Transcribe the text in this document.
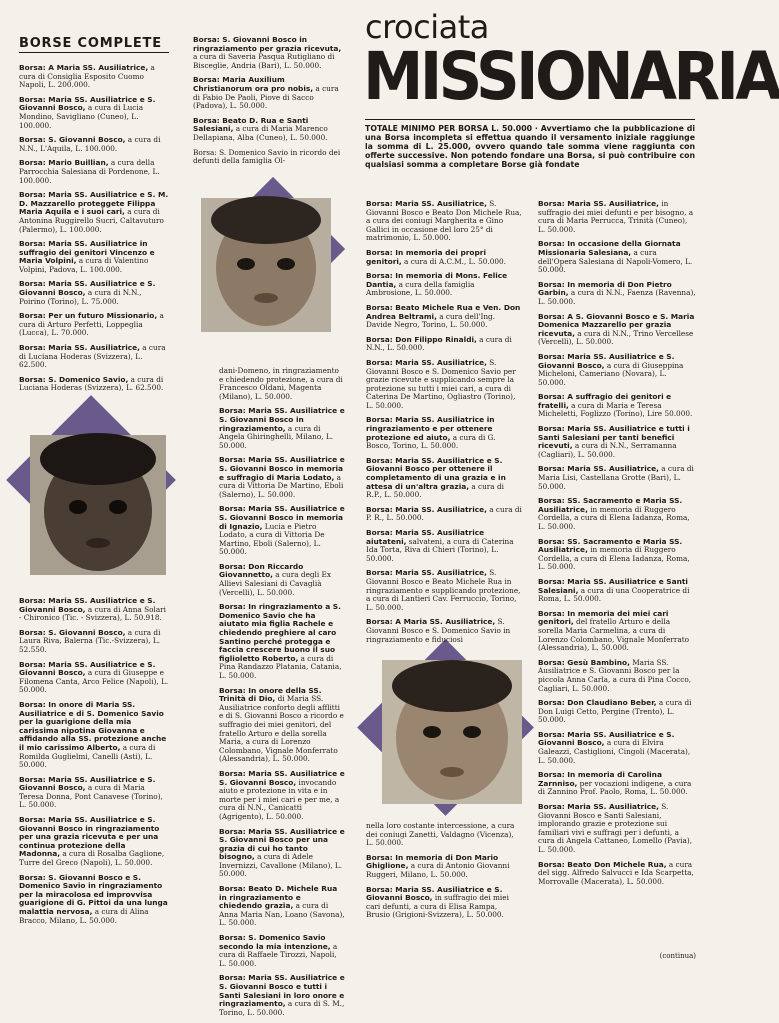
BORSE COMPLETE	crociata
MISSIONARIA
TOTALE MINIMO PER BORSA L. 50.000 · Avvertiamo che la pubblicazione di una Borsa incompleta si effettua quando il versamento iniziale raggiunge la somma di L. 25.000, ovvero quando tale somma viene raggiunta con offerte successive. Non potendo fondare una Borsa, si può contribuire con qualsiasi somma a completare Borse già fondate
Borsa: A Maria SS. Ausiliatrice, a cura di Consiglia Esposito Cuomo Napoli, L. 200.000.
Borsa: Maria SS. Ausiliatrice e S. Giovanni Bosco, a cura di Lucia Mondino, Savigliano (Cuneo), L. 100.000.
Borsa: S. Giovanni Bosco, a cura di N.N., L'Aquila, L. 100.000.
Borsa: Mario Buillian, a cura della Parrocchia Salesiana di Pordenone, L. 100.000.
Borsa: Maria SS. Ausiliatrice e S. M. D. Mazzarello proteggete Filippa Maria Aquila e i suoi cari, a cura di Antonina Ruggirello Sucri, Caltavuturo (Palermo), L. 100.000.
Borsa: Maria SS. Ausiliatrice in suffragio dei genitori Vincenzo e Maria Volpini, a cura di Valentino Volpini, Padova, L. 100.000.
Borsa: Maria SS. Ausiliatrice e S. Giovanni Bosco, a cura di N.N., Poirino (Torino), L. 75.000.
Borsa: Per un futuro Missionario, a cura di Arturo Perfetti, Loppeglia (Lucca), L. 70.000.
Borsa: Maria SS. Ausiliatrice, a cura di Luciana Hoderas (Svizzera), L. 62.500.
Borsa: S. Domenico Savio, a cura di Luciana Hoderas (Svizzera), L. 62.500.
Borsa: Maria SS. Ausiliatrice e S. Giovanni Bosco, a cura di Anna Solari - Chironico (Tic. - Svizzera), L. 50.918.
Borsa: S. Giovanni Bosco, a cura di Laura Riva, Balerna (Tic.-Svizzera), L. 52.550.
Borsa: Maria SS. Ausiliatrice e S. Giovanni Bosco, a cura di Giuseppe e Filomena Canta, Arco Felice (Napoli), L. 50.000.
Borsa: In onore di Maria SS. Ausiliatrice e di S. Domenico Savio per la guarigione della mia carissima nipotina Giovanna e affidando alla SS. protezione anche il mio carissimo Alberto, a cura di Romilda Guglielmi, Canelli (Asti), L. 50.000.
Borsa: Maria SS. Ausiliatrice e S. Giovanni Bosco, a cura di Maria Teresa Donna, Pont Canavese (Torino), L. 50.000.
Borsa: Maria SS. Ausiliatrice e S. Giovanni Bosco in ringraziamento per una grazia ricevuta e per una continua protezione della Madonna, a cura di Rosalba Gaglione, Turre del Greco (Napoli), L. 50.000.
Borsa: S. Giovanni Bosco e S. Domenico Savio in ringraziamento per la miracolosa ed improvvisa guarigione di G. Pittoi da una lunga malattia nervosa, a cura di Alina Bracco, Milano, L. 50.000.
Borsa: S. Giovanni Bosco in ringraziamento per grazia ricevuta, a cura di Saveria Pasqua Rutigliano di Bisceglie, Andria (Bari), L. 50.000.
Borsa: Maria Auxilium Christianorum ora pro nobis, a cura di Fabio De Paoli, Piove di Sacco (Padova), L. 50.000.
Borsa: Beato D. Rua e Santi Salesiani, a cura di Maria Marenco Dellapiana, Alba (Cuneo), L. 50.000.
Borsa: S. Domenico Savio in ricordo dei defunti della famiglia Ol-
dani-Domeno, in ringraziamento e chiedendo protezione, a cura di Francesco Oldani, Magenta (Milano), L. 50.000.
Borsa: Maria SS. Ausiliatrice e S. Giovanni Bosco in ringraziamento, a cura di Angela Ghiringhelli, Milano, L. 50.000.
Borsa: Maria SS. Ausiliatrice e S. Giovanni Bosco in memoria e suffragio di Maria Lodato, a cura di Vittoria De Martino, Eboli (Salerno), L. 50.000.
Borsa: Maria SS. Ausiliatrice e S. Giovanni Bosco in memoria di Ignazio, Lucia e Pietro Lodato, a cura di Vittoria De Martino, Eboli (Salerno), L. 50.000.
Borsa: Don Riccardo Giovannetto, a cura degli Ex Allievi Salesiani di Cavaglià (Vercelli), L. 50.000.
Borsa: In ringraziamento a S. Domenico Savio che ha aiutato mia figlia Rachele e chiedendo preghiere al caro Santino perché protegga e faccia crescere buono il suo figlioletto Roberto, a cura di Pina Randazzo Platania, Catania, L. 50.000.
Borsa: In onore della SS. Trinità di Dio, di Maria SS. Ausiliatrice conforto degli afflitti e di S. Giovanni Bosco a ricordo e suffragio dei miei genitori, del fratello Arturo e della sorella Maria, a cura di Lorenzo Colombano, Vignale Monferrato (Alessandria), L. 50.000.
Borsa: Maria SS. Ausiliatrice e S. Giovanni Bosco, invocando aiuto e protezione in vita e in morte per i miei cari e per me, a cura di N.N., Canicattì (Agrigento), L. 50.000.
Borsa: Maria SS. Ausiliatrice e S. Giovanni Bosco per una grazia di cui ho tanto bisogno, a cura di Adele Invernizzi, Cavallone (Milano), L. 50.000.
Borsa: Beato D. Michele Rua in ringraziamento e chiedendo grazia, a cura di Anna Maria Nan, Loano (Savona), L. 50.000.
Borsa: S. Domenico Savio secondo la mia intenzione, a cura di Raffaele Tirozzi, Napoli, L. 50.000.
Borsa: Maria SS. Ausiliatrice e S. Giovanni Bosco e tutti i Santi Salesiani in loro onore e ringraziamento, a cura di S. M., Torino, L. 50.000.
Borsa: Maria SS. Ausiliatrice, S. Giovanni Bosco e Beato Don Michele Rua, a cura dei coniugi Margherita e Gino Gallici in occasione del loro 25° di matrimonio, L. 50.000.
Borsa: In memoria dei propri genitori, a cura di A.C.M., L. 50.000.
Borsa: In memoria di Mons. Felice Dantia, a cura della famiglia Ambrosione, L. 50.000.
Borsa: Beato Michele Rua e Ven. Don Andrea Beltrami, a cura dell'Ing. Davide Negro, Torino, L. 50.000.
Borsa: Don Filippo Rinaldi, a cura di N.N., L. 50.000.
Borsa: Maria SS. Ausiliatrice, S. Giovanni Bosco e S. Domenico Savio per grazie ricevute e supplicando sempre la protezione su tutti i miei cari, a cura di Caterina De Martino, Ogliastro (Torino), L. 50.000.
Borsa: Maria SS. Ausiliatrice in ringraziamento e per ottenere protezione ed aiuto, a cura di G. Bosco, Torino, L. 50.000.
Borsa: Maria SS. Ausiliatrice e S. Giovanni Bosco per ottenere il completamento di una grazia e in attesa di un'altra grazia, a cura di R.P., L. 50.000.
Borsa: Maria SS. Ausiliatrice, a cura di P. R., L. 50.000.
Borsa: Maria SS. Ausiliatrice aiutateni, salvateni, a cura di Caterina Ida Torta, Riva di Chieri (Torino), L. 50.000.
Borsa: Maria SS. Ausiliatrice, S. Giovanni Bosco e Beato Michele Rua in ringraziamento e supplicando protezione, a cura di Lantieri Cav. Ferruccio, Torino, L. 50.000.
Borsa: A Maria SS. Ausiliatrice, S. Giovanni Bosco e S. Domenico Savio in ringraziamento e fiduciosi
nella loro costante intercessione, a cura dei coniugi Zanetti, Valdagno (Vicenza), L. 50.000.
Borsa: In memoria di Don Mario Ghiglione, a cura di Antonio Giovanni Ruggeri, Milano, L. 50.000.
Borsa: Maria SS. Ausiliatrice e S. Giovanni Bosco, in suffragio dei miei cari defunti, a cura di Elisa Rampa, Brusio (Grigioni-Svizzera), L. 50.000.
Borsa: Maria SS. Ausiliatrice, in suffragio dei miei defunti e per bisogno, a cura di Maria Perrucca, Trinità (Cuneo), L. 50.000.
Borsa: In occasione della Giornata Missionaria Salesiana, a cura dell'Opera Salesiana di Napoli-Vomero, L. 50.000.
Borsa: In memoria di Don Pietro Garbin, a cura di N.N., Faenza (Ravenna), L. 50.000.
Borsa: A S. Giovanni Bosco e S. Maria Domenica Mazzarello per grazia ricevuta, a cura di N.N., Trino Vercellese (Vercelli), L. 50.000.
Borsa: Maria SS. Ausiliatrice e S. Giovanni Bosco, a cura di Giuseppina Micheloni, Cameriano (Novara), L. 50.000.
Borsa: A suffragio dei genitori e fratelli, a cura di Maria e Teresa Micheletti, Foglizzo (Torino), Lire 50.000.
Borsa: Maria SS. Ausiliatrice e tutti i Santi Salesiani per tanti benefici ricevuti, a cura di N.N., Serramanna (Cagliari), L. 50.000.
Borsa: Maria SS. Ausiliatrice, a cura di Maria Lisi, Castellana Grotte (Bari), L. 50.000.
Borsa: SS. Sacramento e Maria SS. Ausiliatrice, in memoria di Ruggero Cordella, a cura di Elena Iadanza, Roma, L. 50.000.
Borsa: SS. Sacramento e Maria SS. Ausiliatrice, in memoria di Ruggero Cordella, a cura di Elena Iadanza, Roma, L. 50.000.
Borsa: Maria SS. Ausiliatrice e Santi Salesiani, a cura di una Cooperatrice di Roma, L. 50.000.
Borsa: In memoria dei miei cari genitori, del fratello Arturo e della sorella Maria Carmelina, a cura di Lorenzo Colombano, Vignale Monferrato (Alessandria), L. 50.000.
Borsa: Gesù Bambino, Maria SS. Ausiliatrice e S. Giovanni Bosco per la piccola Anna Carla, a cura di Pina Cocco, Cagliari, L. 50.000.
Borsa: Don Claudiano Beber, a cura di Don Luigi Cetto, Pergine (Trento), L. 50.000.
Borsa: Maria SS. Ausiliatrice e S. Giovanni Bosco, a cura di Elvira Galeazzi, Castiglioni, Cingoli (Macerata), L. 50.000.
Borsa: In memoria di Carolina Zarnniso, per vocazioni indigene, a cura di Zannino Prof. Paolo, Roma, L. 50.000.
Borsa: Maria SS. Ausiliatrice, S. Giovanni Bosco e Santi Salesiani, implorando grazie e protezione sui familiari vivi e suffragi per i defunti, a cura di Angela Cattaneo, Lomello (Pavia), L. 50.000.
Borsa: Beato Don Michele Rua, a cura del sigg. Alfredo Salvucci e Ida Scarpetta, Morrovalle (Macerata), L. 50.000.
(continua)
